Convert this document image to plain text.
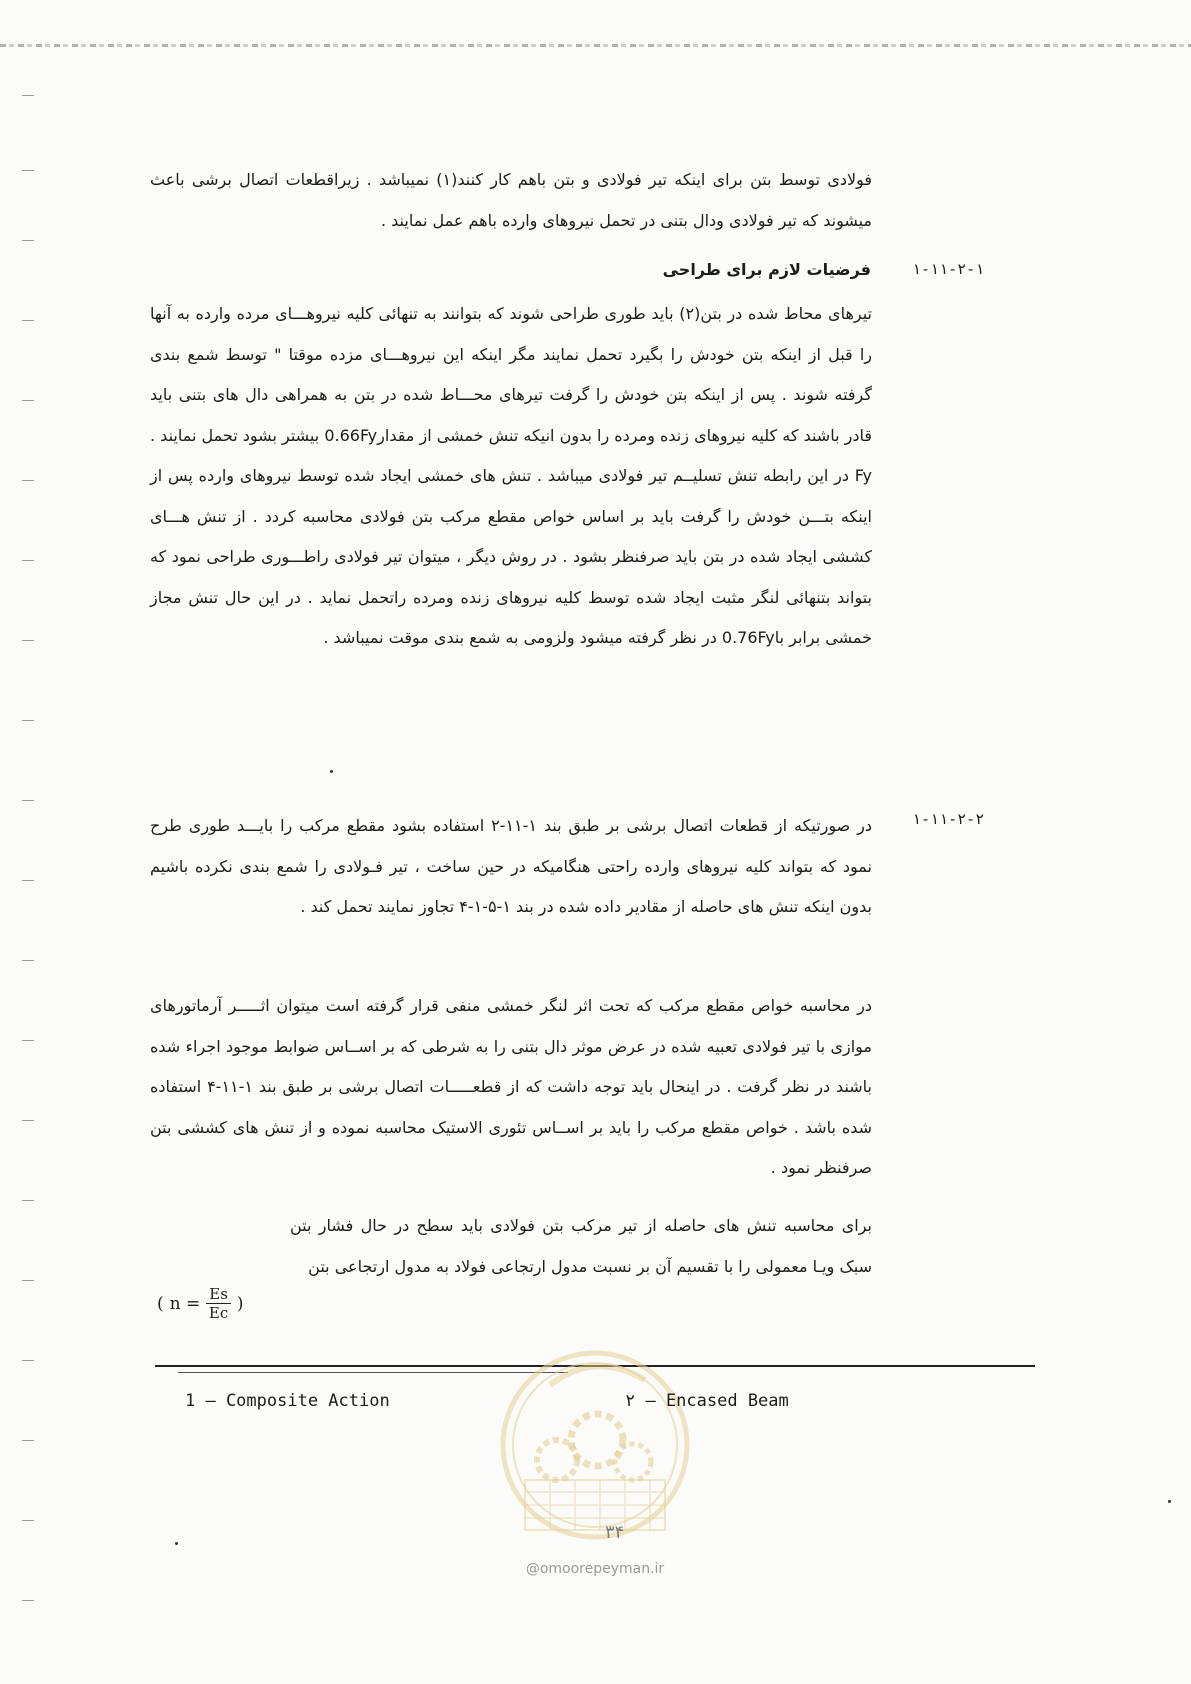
فولادی توسط بتن برای اینکه تیر فولادی و بتن باهم کار کنند(۱) نمیباشد . زیراقطعات اتصال برشی باعث میشوند که تیر فولادی ودال بتنی در تحمل نیروهای وارده باهم عمل نمایند .
۱-۱۱-۲-۱
فرضیات لازم برای طراحی
تیرهای محاط شده در بتن(۲) باید طوری طراحی شوند که بتوانند به تنهائی کلیه نیروهـــای مرده وارده به آنها را قبل از اینکه بتن خودش را بگیرد تحمل نمایند مگر اینکه این نیروهـــای مزده موقتا " توسط شمع بندی گرفته شوند . پس از اینکه بتن خودش را گرفت تیرهای محـــاط شده در بتن به همراهی دال های بتنی باید قادر باشند که کلیه نیروهای زنده ومرده را بدون انیکه تنش خمشی از مقدار0.66Fy بیشتر بشود تحمل نمایند . Fy در این رابطه تنش تسلیــم تیر فولادی میباشد . تنش های خمشی ایجاد شده توسط نیروهای وارده پس از اینکه بتـــن خودش را گرفت باید بر اساس خواص مقطع مرکب بتن فولادی محاسبه کردد . از تنش هـــای کششی ایجاد شده در بتن باید صرفنظر بشود . در روش دیگر ، میتوان تیر فولادی راطـــوری طراحی نمود که بتواند بتنهائی لنگر مثبت ایجاد شده توسط کلیه نیروهای زنده ومرده راتحمل نماید . در این حال تنش مجاز خمشی برابر با0.76Fy در نظر گرفته میشود ولزومی به شمع بندی موقت نمیباشد .
۱-۱۱-۲-۲
در صورتیکه از قطعات اتصال برشی بر طبق بند ۱-۱۱-۲ استفاده بشود مقطع مرکب را بایـــد طوری طرح نمود که بتواند کلیه نیروهای وارده راحتی هنگامیکه در حین ساخت ، تیر فـولادی را شمع بندی نکرده باشیم بدون اینکه تنش های حاصله از مقادیر داده شده در بند ۱-۵-۱-۴ تجاوز نمایند تحمل کند .
در محاسبه خواص مقطع مرکب که تحت اثر لنگر خمشی منفی قرار گرفته است میتوان اثـــــر آرماتورهای موازی با تیر فولادی تعبیه شده در عرض موثر دال بتنی را به شرطی که بر اســاس ضوابط موجود اجراء شده باشند در نظر گرفت . در اینحال باید توجه داشت که از قطعـــــات اتصال برشی بر طبق بند ۱-۱۱-۴ استفاده شده باشد . خواص مقطع مرکب را باید بر اســاس تئوری الاستیک محاسبه نموده و از تنش های کششی بتن صرفنظر نمود .
برای محاسبه تنش های حاصله از تیر مرکب بتن فولادی باید سطح در حال فشار بتن سبک ویـا معمولی را با تقسیم آن بر نسبت مدول ارتجاعی فولاد به مدول ارتجاعی بتن
( $n = \frac{Es}{Ec}$ )
1 — Composite Action	۲ — Encased Beam
۳۴
@omoorepeyman.ir
